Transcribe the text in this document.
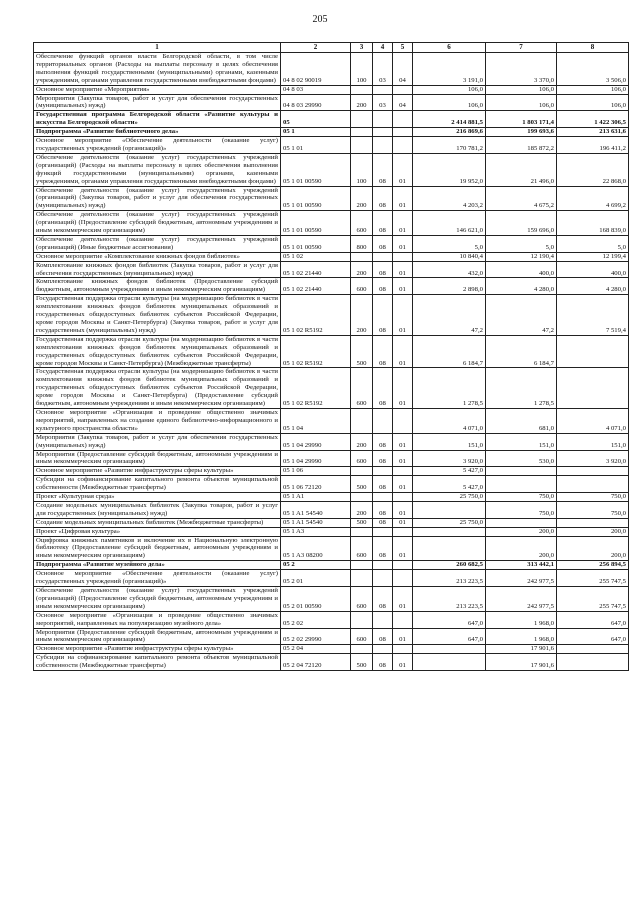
205
1	2	3	4	5	6	7	8
Обеспечение функций органов власти Белгородской области, в том числе территориальных органов (Расходы на выплаты персоналу в целях обеспечения выполнения функций государственными (муниципальными) органами, казенными учреждениями, органами управления государственными внебюджетными фондами)	04 8 02 90019	100	03	04	3 191,0	3 370,0	3 506,0
Основное мероприятие «Мероприятия»	04 8 03				106,0	106,0	106,0
Мероприятия (Закупка товаров, работ и услуг для обеспечения государственных (муниципальных) нужд)	04 8 03 29990	200	03	04	106,0	106,0	106,0
Государственная программа Белгородской области «Развитие культуры и искусства Белгородской области»	05				2 414 881,5	1 803 171,4	1 422 306,5
Подпрограмма «Развитие библиотечного дела»	05 1				216 869,6	199 693,6	213 631,6
Основное мероприятие «Обеспечение деятельности (оказание услуг) государственных учреждений (организаций)»	05 1 01				170 781,2	185 872,2	196 411,2
Обеспечение деятельности (оказание услуг) государственных учреждений (организаций) (Расходы на выплаты персоналу в целях обеспечения выполнения функций государственными (муниципальными) органами, казенными учреждениями, органами управления государственными внебюджетными фондами)	05 1 01 00590	100	08	01	19 952,0	21 496,0	22 868,0
Обеспечение деятельности (оказание услуг) государственных учреждений (организаций) (Закупка товаров, работ и услуг для обеспечения государственных (муниципальных) нужд)	05 1 01 00590	200	08	01	4 203,2	4 675,2	4 699,2
Обеспечение деятельности (оказание услуг) государственных учреждений (организаций) (Предоставление субсидий бюджетным, автономным учреждениям и иным некоммерческим организациям)	05 1 01 00590	600	08	01	146 621,0	159 696,0	168 839,0
Обеспечение деятельности (оказание услуг) государственных учреждений (организаций) (Иные бюджетные ассигнования)	05 1 01 00590	800	08	01	5,0	5,0	5,0
Основное мероприятие «Комплектование книжных фондов библиотек»	05 1 02				10 840,4	12 190,4	12 199,4
Комплектование книжных фондов библиотек (Закупка товаров, работ и услуг для обеспечения государственных (муниципальных) нужд)	05 1 02 21440	200	08	01	432,0	400,0	400,0
Комплектование книжных фондов библиотек (Предоставление субсидий бюджетным, автономным учреждениям и иным некоммерческим организациям)	05 1 02 21440	600	08	01	2 898,0	4 280,0	4 280,0
Государственная поддержка отрасли культуры (на модернизацию библиотек в части комплектования книжных фондов библиотек муниципальных образований и государственных общедоступных библиотек субъектов Российской Федерации, кроме городов Москвы и Санкт-Петербурга) (Закупка товаров, работ и услуг для государственных (муниципальных) нужд)	05 1 02 R5192	200	08	01	47,2	47,2	7 519,4
Государственная поддержка отрасли культуры (на модернизацию библиотек в части комплектования книжных фондов библиотек муниципальных образований и государственных общедоступных библиотек субъектов Российской Федерации, кроме городов Москвы и Санкт-Петербурга) (Межбюджетные трансферты)	05 1 02 R5192	500	08	01	6 184,7	6 184,7	
Государственная поддержка отрасли культуры (на модернизацию библиотек в части комплектования книжных фондов библиотек муниципальных образований и государственных общедоступных библиотек субъектов Российской Федерации, кроме городов Москвы и Санкт-Петербурга) (Предоставление субсидий бюджетным, автономным учреждениям и иным некоммерческим организациям)	05 1 02 R5192	600	08	01	1 278,5	1 278,5	
Основное мероприятие «Организация и проведение общественно значимых мероприятий, направленных на создание единого библиотечно-информационного и культурного пространства области»	05 1 04				4 071,0	681,0	4 071,0
Мероприятия (Закупка товаров, работ и услуг для обеспечения государственных (муниципальных) нужд)	05 1 04 29990	200	08	01	151,0	151,0	151,0
Мероприятия (Предоставление субсидий бюджетным, автономным учреждениям и иным некоммерческим организациям)	05 1 04 29990	600	08	01	3 920,0	530,0	3 920,0
Основное мероприятие «Развитие инфраструктуры сферы культуры»	05 1 06				5 427,0		
Субсидии на софинансирование капитального ремонта объектов муниципальной собственности (Межбюджетные трансферты)	05 1 06 72120	500	08	01	5 427,0		
Проект «Культурная среда»	05 1 A1				25 750,0	750,0	750,0
Создание модельных муниципальных библиотек (Закупка товаров, работ и услуг для государственных (муниципальных) нужд)	05 1 A1 54540	200	08	01		750,0	750,0
Создание модельных муниципальных библиотек (Межбюджетные трансферты)	05 1 A1 54540	500	08	01	25 750,0		
Проект «Цифровая культура»	05 1 A3					200,0	200,0
Оцифровка книжных памятников и включение их в Национальную электронную библиотеку (Предоставление субсидий бюджетным, автономным учреждениям и иным некоммерческим организациям)	05 1 A3 08200	600	08	01		200,0	200,0
Подпрограмма «Развитие музейного дела»	05 2				260 682,5	313 442,1	256 894,5
Основное мероприятие «Обеспечение деятельности (оказание услуг) государственных учреждений (организаций)»	05 2 01				213 223,5	242 977,5	255 747,5
Обеспечение деятельности (оказание услуг) государственных учреждений (организаций) (Предоставление субсидий бюджетным, автономным учреждениям и иным некоммерческим организациям)	05 2 01 00590	600	08	01	213 223,5	242 977,5	255 747,5
Основное мероприятие «Организация и проведение общественно значимых мероприятий, направленных на популяризацию музейного дела»	05 2 02				647,0	1 968,0	647,0
Мероприятия (Предоставление субсидий бюджетным, автономным учреждениям и иным некоммерческим организациям)	05 2 02 29990	600	08	01	647,0	1 968,0	647,0
Основное мероприятие «Развитие инфраструктуры сферы культуры»	05 2 04					17 901,6	
Субсидии на софинансирование капитального ремонта объектов муниципальной собственности (Межбюджетные трансферты)	05 2 04 72120	500	08	01		17 901,6	
